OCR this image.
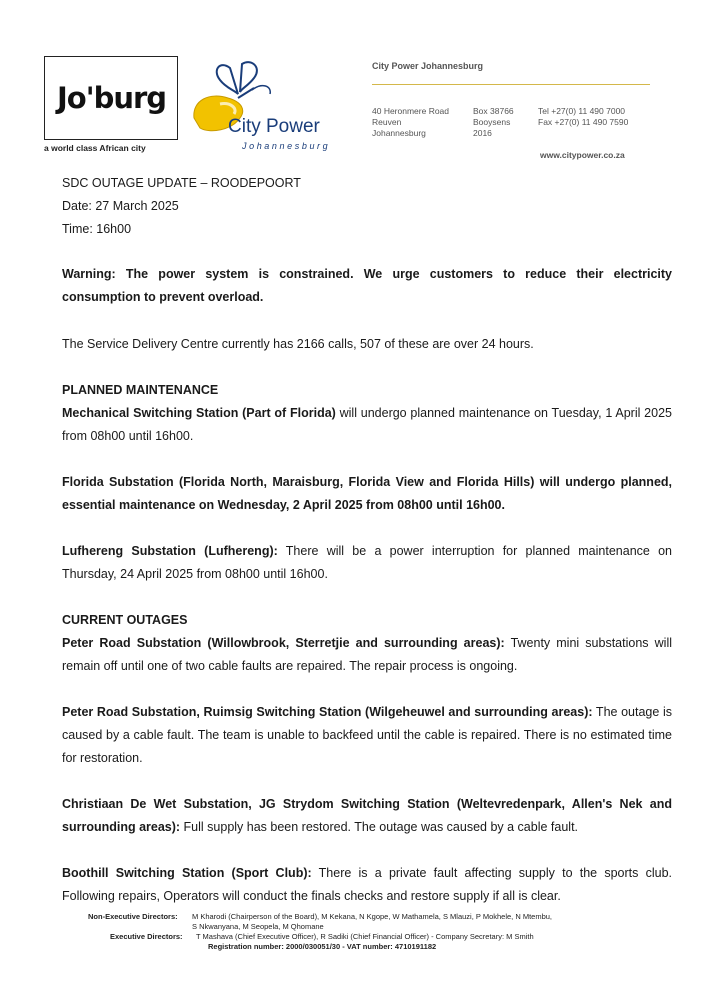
Jo'burg
a world class African city
City Power
Johannesburg
City Power Johannesburg
40 Heronmere Road
Reuven
Johannesburg
Box 38766
Booysens
2016
Tel +27(0) 11 490 7000
Fax +27(0) 11 490 7590
www.citypower.co.za
SDC OUTAGE UPDATE – ROODEPOORT
Date: 27 March 2025
Time: 16h00
Warning: The power system is constrained. We urge customers to reduce their electricity consumption to prevent overload.
The Service Delivery Centre currently has 2166 calls, 507 of these are over 24 hours.
PLANNED MAINTENANCE
Mechanical Switching Station (Part of Florida) will undergo planned maintenance on Tuesday, 1 April 2025 from 08h00 until 16h00.
Florida Substation (Florida North, Maraisburg, Florida View and Florida Hills) will undergo planned, essential maintenance on Wednesday, 2 April 2025 from 08h00 until 16h00.
Lufhereng Substation (Lufhereng): There will be a power interruption for planned maintenance on Thursday, 24 April 2025 from 08h00 until 16h00.
CURRENT OUTAGES
Peter Road Substation (Willowbrook, Sterretjie and surrounding areas): Twenty mini substations will remain off until one of two cable faults are repaired. The repair process is ongoing.
Peter Road Substation, Ruimsig Switching Station (Wilgeheuwel and surrounding areas): The outage is caused by a cable fault. The team is unable to backfeed until the cable is repaired. There is no estimated time for restoration.
Christiaan De Wet Substation, JG Strydom Switching Station (Weltevredenpark, Allen's Nek and surrounding areas): Full supply has been restored. The outage was caused by a cable fault.
Boothill Switching Station (Sport Club): There is a private fault affecting supply to the sports club. Following repairs, Operators will conduct the finals checks and restore supply if all is clear.
Non-Executive Directors: M Kharodi (Chairperson of the Board), M Kekana, N Kgope, W Mathamela, S Mlauzi, P Mokhele, N Mtembu,
S Nkwanyana, M Seopela, M Qhomane
Executive Directors: T Mashava (Chief Executive Officer), R Sadiki (Chief Financial Officer) - Company Secretary: M Smith
Registration number: 2000/030051/30 - VAT number: 4710191182
